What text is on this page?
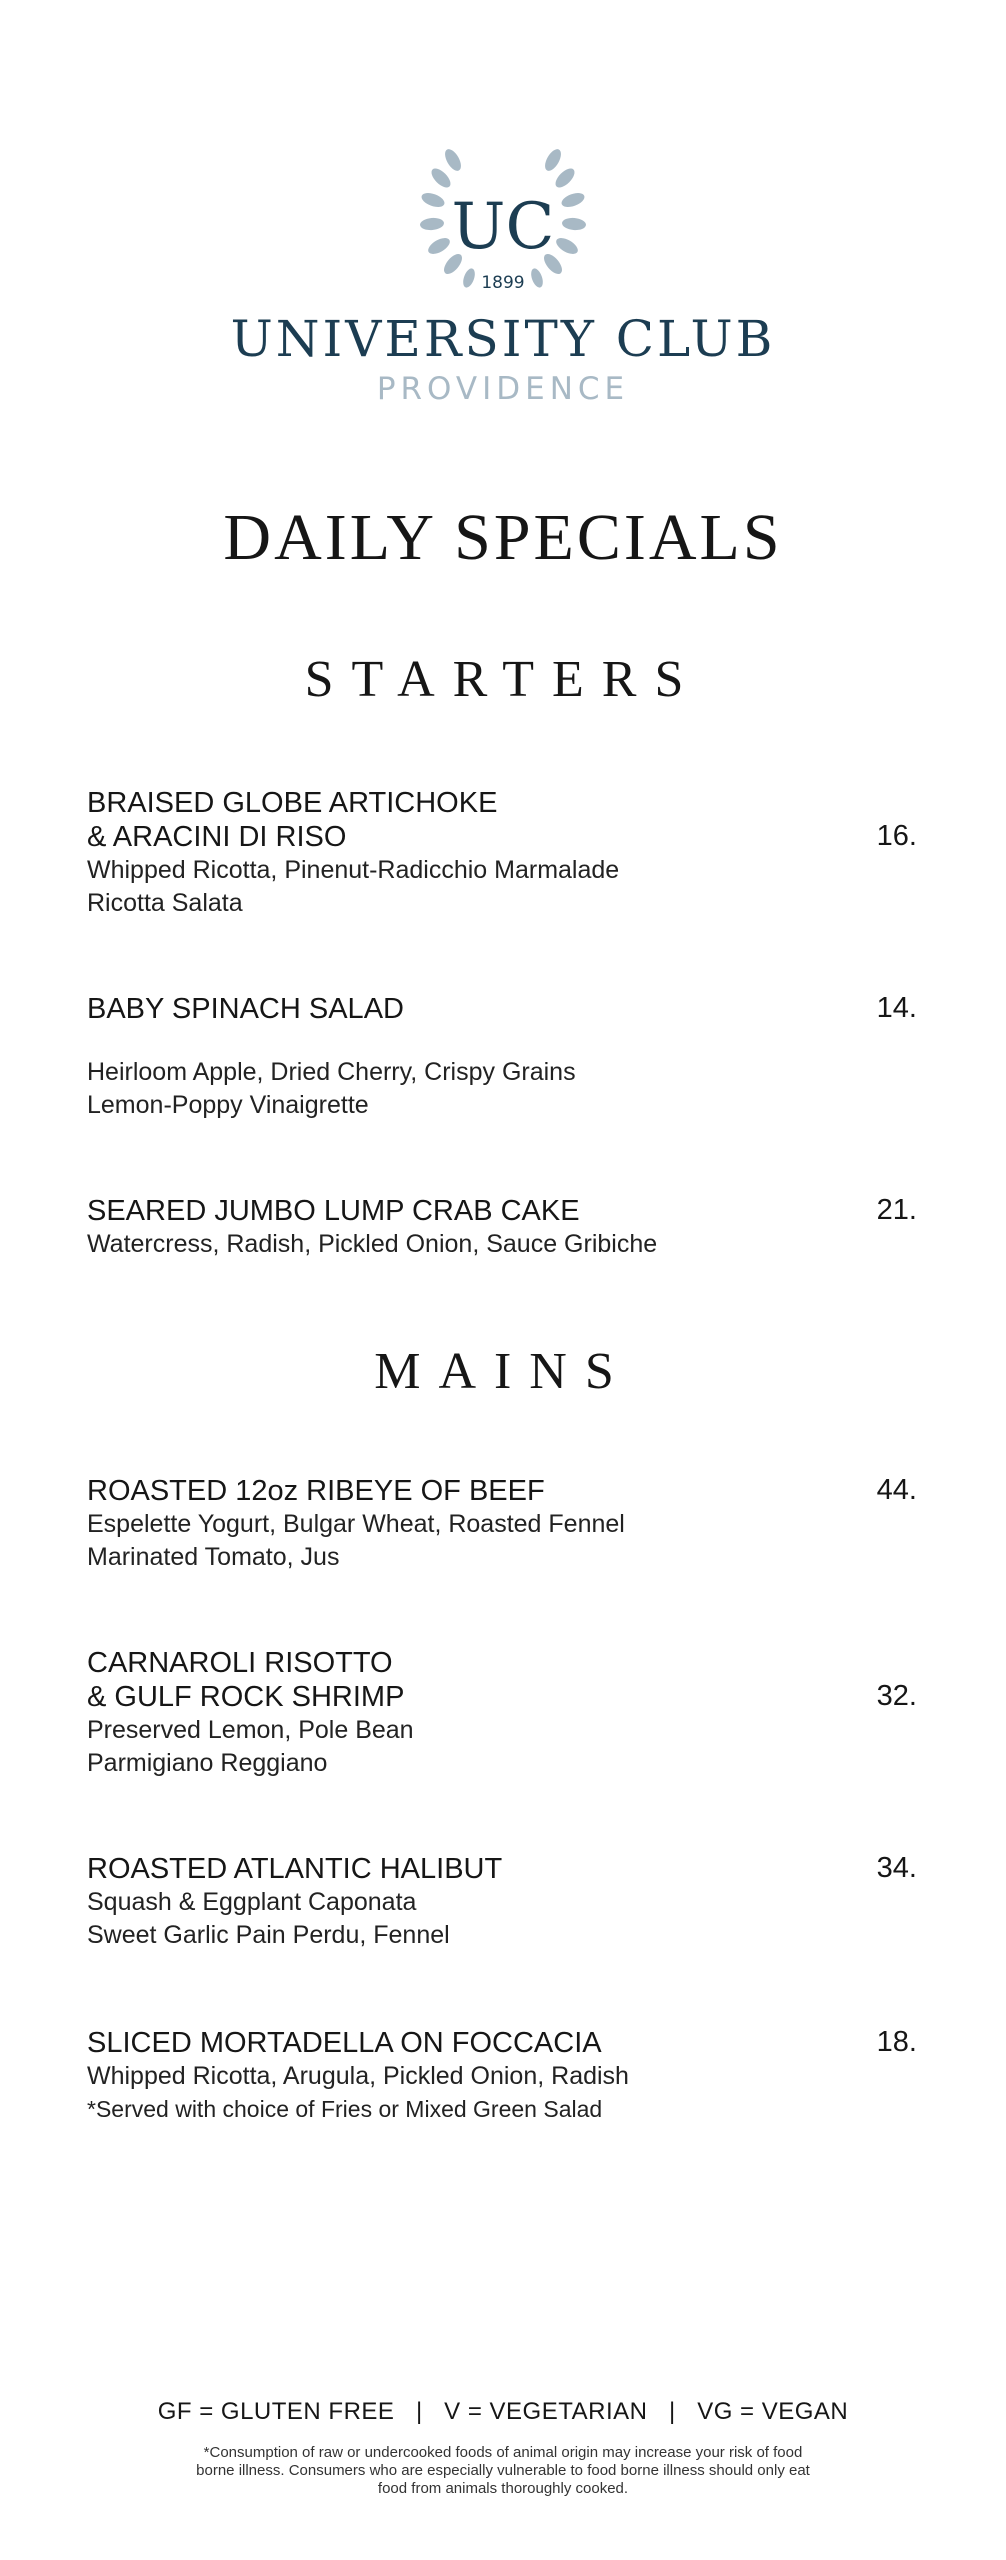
UC
1899
UNIVERSITY CLUB
PROVIDENCE
DAILY SPECIALS
STARTERS
BRAISED GLOBE ARTICHOKE
& ARACINI DI RISO	16.
Whipped Ricotta, Pinenut-Radicchio Marmalade
Ricotta Salata
BABY SPINACH SALAD	14.
Heirloom Apple, Dried Cherry, Crispy Grains
Lemon-Poppy Vinaigrette
SEARED JUMBO LUMP CRAB CAKE	21.
Watercress, Radish, Pickled Onion, Sauce Gribiche
MAINS
ROASTED 12oz RIBEYE OF BEEF	44.
Espelette Yogurt, Bulgar Wheat, Roasted Fennel
Marinated Tomato, Jus
CARNAROLI RISOTTO
& GULF ROCK SHRIMP	32.
Preserved Lemon, Pole Bean
Parmigiano Reggiano
ROASTED ATLANTIC HALIBUT	34.
Squash & Eggplant Caponata
Sweet Garlic Pain Perdu, Fennel
SLICED MORTADELLA ON FOCCACIA	18.
Whipped Ricotta, Arugula, Pickled Onion, Radish
*Served with choice of Fries or Mixed Green Salad
GF = GLUTEN FREE   |   V = VEGETARIAN   |   VG = VEGAN
*Consumption of raw or undercooked foods of animal origin may increase your risk of food borne illness. Consumers who are especially vulnerable to food borne illness should only eat food from animals thoroughly cooked.
